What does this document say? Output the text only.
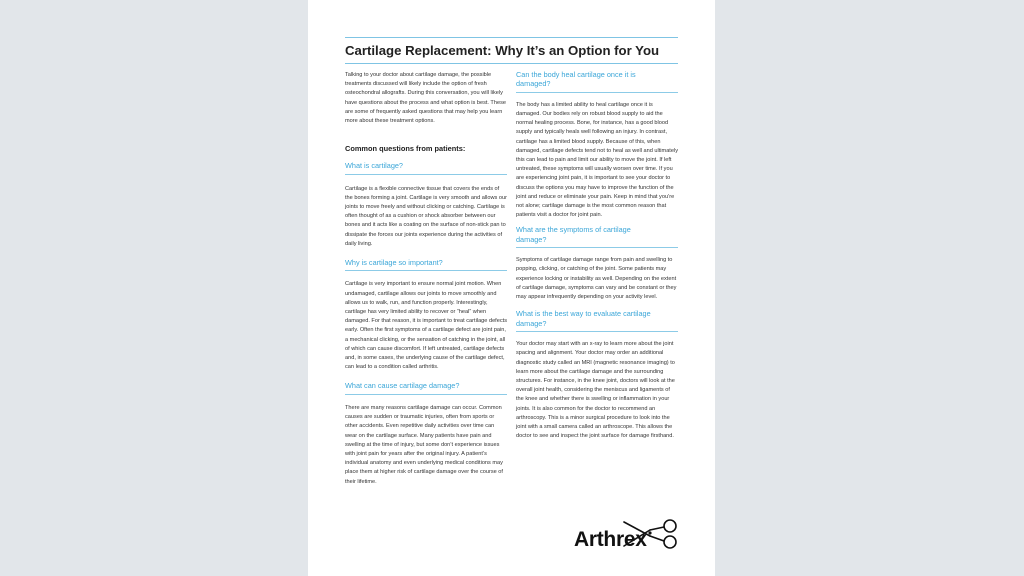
Cartilage Replacement: Why It’s an Option for You

Talking to your doctor about cartilage damage, the possible treatments discussed will likely include the option of fresh osteochondral allografts. During this conversation, you will likely have questions about the process and what option is best. These are some of frequently asked questions that may help you learn more about these treatment options.

Common questions from patients:

What is cartilage?

Cartilage is a flexible connective tissue that covers the ends of the bones forming a joint. Cartilage is very smooth and allows our joints to move freely and without clicking or catching. Cartilage is often thought of as a cushion or shock absorber between our bones and it acts like a coating on the surface of non-stick pan to dissipate the forces our joints experience during the activities of daily living.

Why is cartilage so important?

Cartilage is very important to ensure normal joint motion. When undamaged, cartilage allows our joints to move smoothly and allows us to walk, run, and function properly. Interestingly, cartilage has very limited ability to recover or “heal” when damaged. For that reason, it is important to treat cartilage defects early. Often the first symptoms of a cartilage defect are joint pain, a mechanical clicking, or the sensation of catching in the joint, all of which can cause discomfort. If left untreated, cartilage defects and, in some cases, the underlying cause of the cartilage defect, can lead to a condition called arthritis.

What can cause cartilage damage?

There are many reasons cartilage damage can occur. Common causes are sudden or traumatic injuries, often from sports or other accidents. Even repetitive daily activities over time can wear on the cartilage surface. Many patients have pain and swelling at the time of injury, but some don’t experience issues with joint pain for years after the original injury. A patient’s individual anatomy and even underlying medical conditions may place them at higher risk of cartilage damage over the course of their lifetime.

Can the body heal cartilage once it is damaged?

The body has a limited ability to heal cartilage once it is damaged. Our bodies rely on robust blood supply to aid the normal healing process. Bone, for instance, has a good blood supply and typically heals well following an injury. In contrast, cartilage has a limited blood supply. Because of this, when damaged, cartilage defects tend not to heal as well and ultimately this can lead to pain and limit our ability to move the joint. If left untreated, these symptoms will usually worsen over time. If you are experiencing joint pain, it is important to see your doctor to discuss the options you may have to improve the function of the joint and reduce or eliminate your pain. Keep in mind that you’re not alone; cartilage damage is the most common reason that patients visit a doctor for joint pain.

What are the symptoms of cartilage damage?

Symptoms of cartilage damage range from pain and swelling to popping, clicking, or catching of the joint. Some patients may experience locking or instability as well. Depending on the extent of cartilage damage, symptoms can vary and be constant or they may appear infrequently depending on your activity level.

What is the best way to evaluate cartilage damage?

Your doctor may start with an x-ray to learn more about the joint spacing and alignment. Your doctor may order an additional diagnostic study called an MRI (magnetic resonance imaging) to learn more about the cartilage damage and the surrounding structures. For instance, in the knee joint, doctors will look at the overall joint health, considering the meniscus and ligaments of the knee and whether there is swelling or inflammation in your joints. It is also common for the doctor to recommend an arthroscopy. This is a minor surgical procedure to look into the joint with a small camera called an arthroscope. This allows the doctor to see and inspect the joint surface for damage firsthand.

Arthrex
